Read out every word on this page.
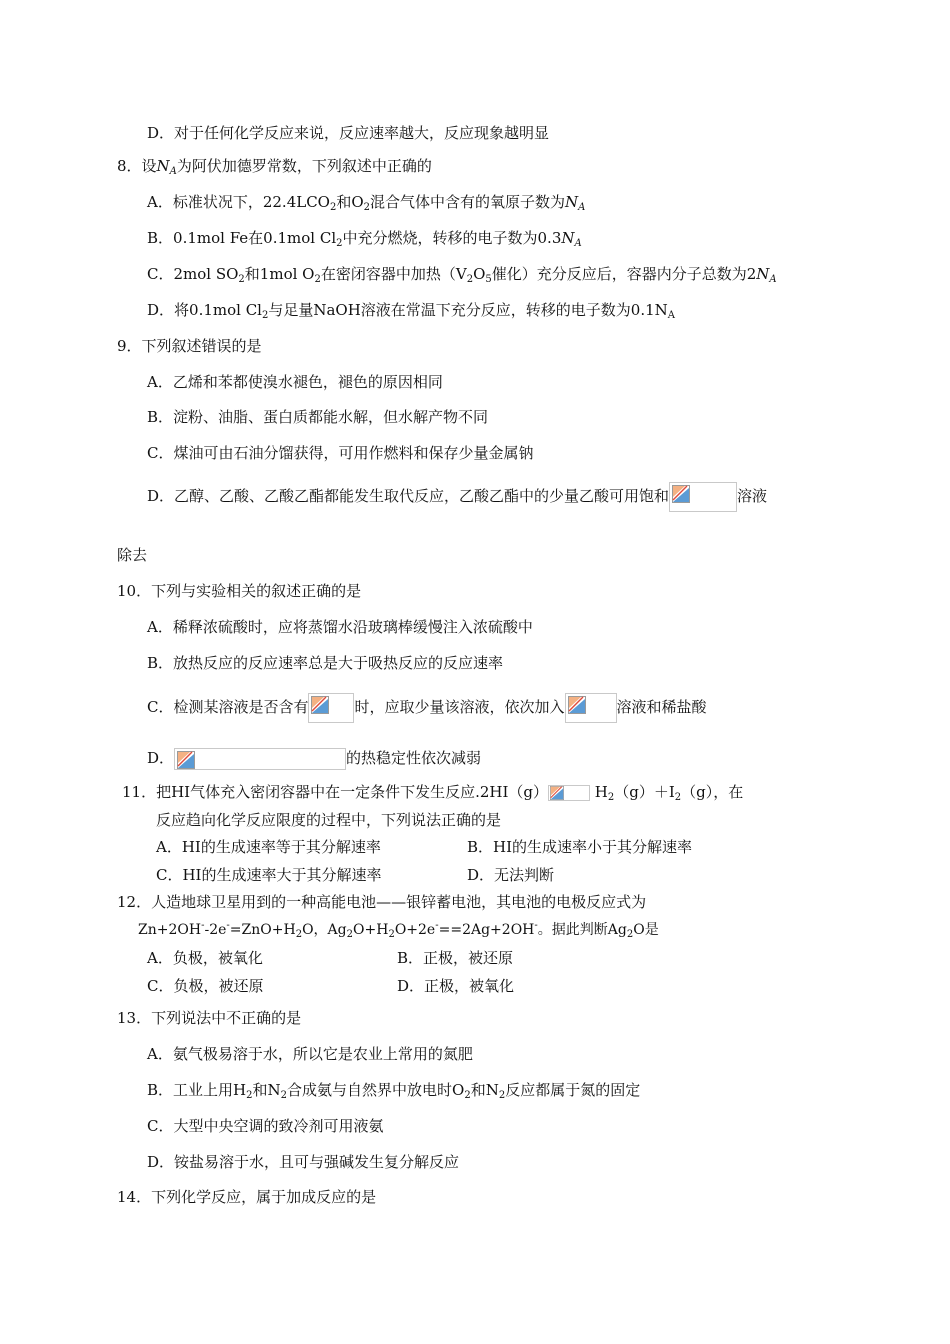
D．对于任何化学反应来说，反应速率越大，反应现象越明显
8．设$N_A$为阿伏加德罗常数，下列叙述中正确的
A．标准状况下，$22.4LCO_2$和$O_2$混合气体中含有的氧原子数为$N_A$
B．0.1mol Fe在0.1mol $Cl_2$中充分燃烧，转移的电子数为$0.3N_A$
C．2mol $SO_2$和1mol $O_2$在密闭容器中加热（$V_2O_5$催化）充分反应后，容器内分子总数为$2N_A$
D．将0.1mol $Cl_2$与足量NaOH溶液在常温下充分反应，转移的电子数为$0.1N_A$
9．下列叙述错误的是
A．乙烯和苯都使溴水褪色，褪色的原因相同
B．淀粉、油脂、蛋白质都能水解，但水解产物不同
C．煤油可由石油分馏获得，可用作燃料和保存少量金属钠
D．乙醇、乙酸、乙酸乙酯都能发生取代反应，乙酸乙酯中的少量乙酸可用饱和	溶液
除去
10．下列与实验相关的叙述正确的是
A．稀释浓硫酸时，应将蒸馏水沿玻璃棒缓慢注入浓硫酸中
B．放热反应的反应速率总是大于吸热反应的反应速率
C．检测某溶液是否含有	时，应取少量该溶液，依次加入	溶液和稀盐酸
D．	的热稳定性依次减弱
11．把HI气体充入密闭容器中在一定条件下发生反应.2HI（g）	$H_2(g)+I_2(g)$，在
反应趋向化学反应限度的过程中，下列说法正确的是
A．HI的生成速率等于其分解速率	B．HI的生成速率小于其分解速率
C．HI的生成速率大于其分解速率	D．无法判断
12．人造地球卫星用到的一种高能电池——银锌蓄电池，其电池的电极反应式为
$Zn+2OH^--2e^-=ZnO+H_2O$，$Ag_2O+H_2O+2e^-==2Ag+2OH^-$。据此判断$Ag_2O$是
A．负极，被氧化	B．正极，被还原
C．负极，被还原	D．正极，被氧化
13．下列说法中不正确的是
A．氨气极易溶于水，所以它是农业上常用的氮肥
B．工业上用$H_2$和$N_2$合成氨与自然界中放电时$O_2$和$N_2$反应都属于氮的固定
C．大型中央空调的致冷剂可用液氨
D．铵盐易溶于水，且可与强碱发生复分解反应
14．下列化学反应，属于加成反应的是
